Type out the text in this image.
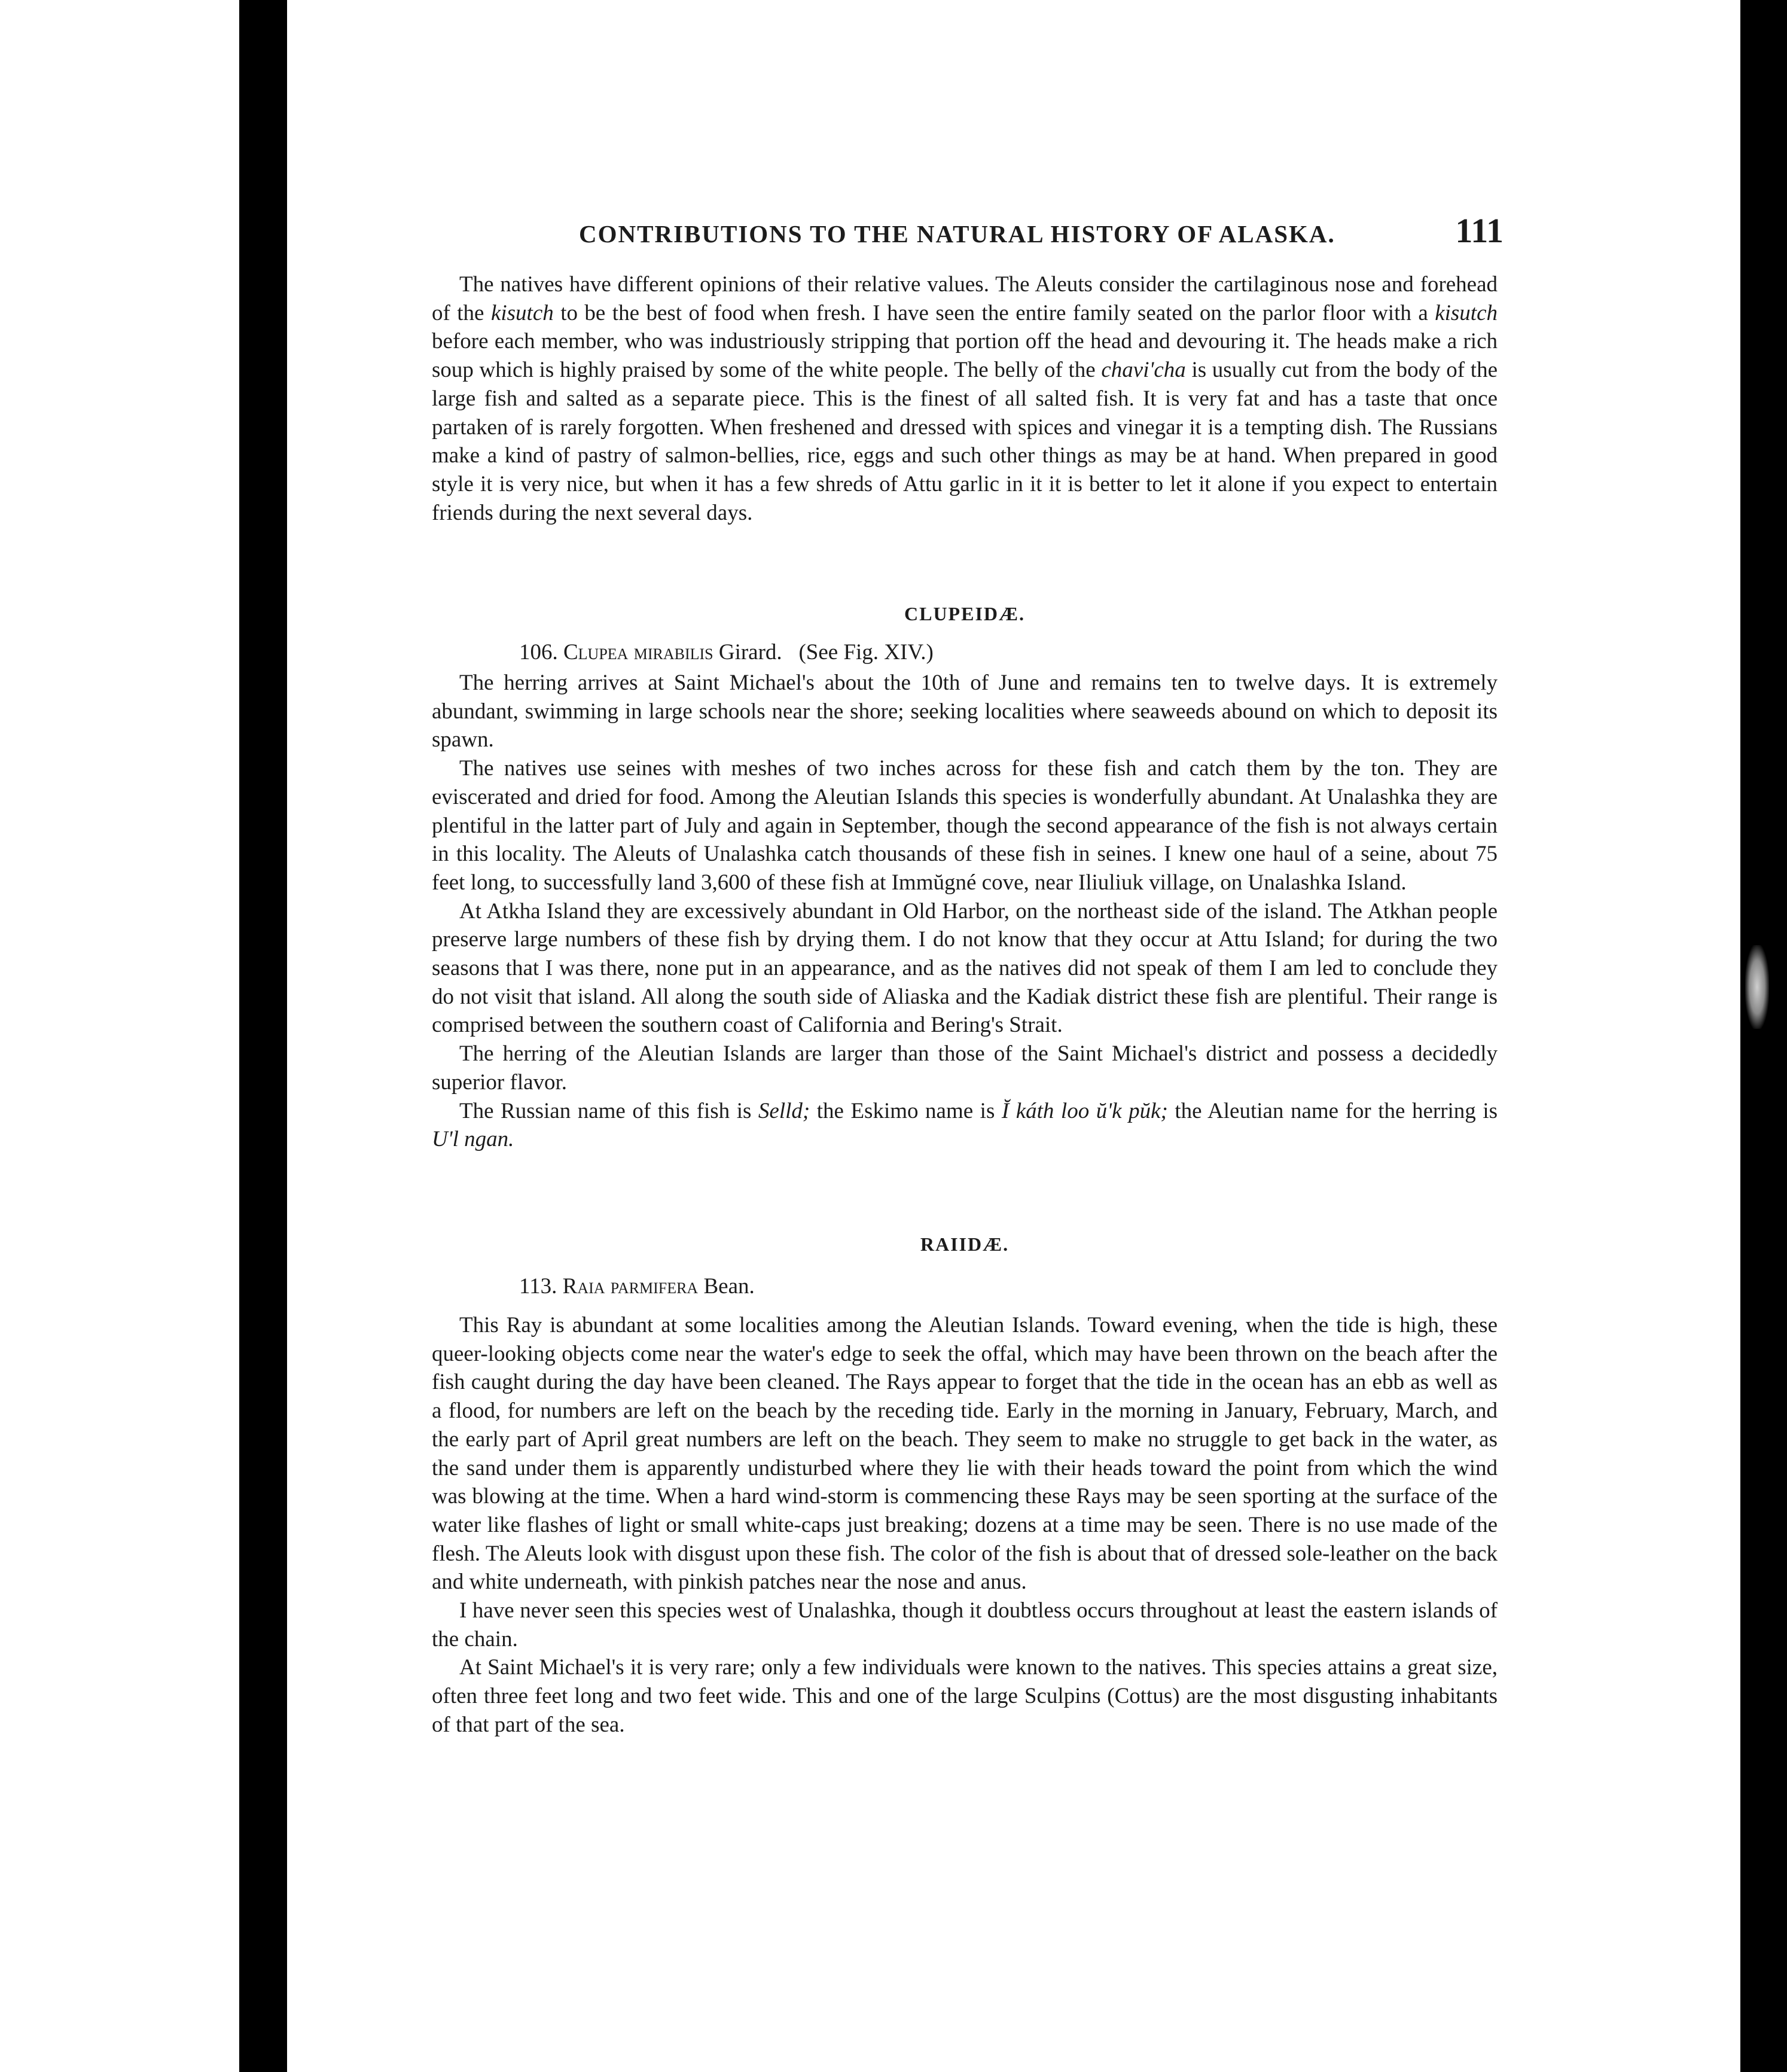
CONTRIBUTIONS TO THE NATURAL HISTORY OF ALASKA.	111

The natives have different opinions of their relative values. The Aleuts consider the cartilaginous nose and forehead of the kisutch to be the best of food when fresh. I have seen the entire family seated on the parlor floor with a kisutch before each member, who was industriously stripping that portion off the head and devouring it. The heads make a rich soup which is highly praised by some of the white people. The belly of the chavi'cha is usually cut from the body of the large fish and salted as a separate piece. This is the finest of all salted fish. It is very fat and has a taste that once partaken of is rarely forgotten. When freshened and dressed with spices and vinegar it is a tempting dish. The Russians make a kind of pastry of salmon-bellies, rice, eggs and such other things as may be at hand. When prepared in good style it is very nice, but when it has a few shreds of Attu garlic in it it is better to let it alone if you expect to entertain friends during the next several days.

CLUPEIDÆ.

106. Clupea mirabilis Girard. (See Fig. XIV.)

The herring arrives at Saint Michael's about the 10th of June and remains ten to twelve days. It is extremely abundant, swimming in large schools near the shore; seeking localities where seaweeds abound on which to deposit its spawn.

The natives use seines with meshes of two inches across for these fish and catch them by the ton. They are eviscerated and dried for food. Among the Aleutian Islands this species is wonderfully abundant. At Unalashka they are plentiful in the latter part of July and again in September, though the second appearance of the fish is not always certain in this locality. The Aleuts of Unalashka catch thousands of these fish in seines. I knew one haul of a seine, about 75 feet long, to successfully land 3,600 of these fish at Immŭgné cove, near Iliuliuk village, on Unalashka Island.

At Atkha Island they are excessively abundant in Old Harbor, on the northeast side of the island. The Atkhan people preserve large numbers of these fish by drying them. I do not know that they occur at Attu Island; for during the two seasons that I was there, none put in an appearance, and as the natives did not speak of them I am led to conclude they do not visit that island. All along the south side of Aliaska and the Kadiak district these fish are plentiful. Their range is comprised between the southern coast of California and Bering's Strait.

The herring of the Aleutian Islands are larger than those of the Saint Michael's district and possess a decidedly superior flavor.

The Russian name of this fish is Selld; the Eskimo name is Ĭ káth loo ŭ'k pŭk; the Aleutian name for the herring is U'l ngan.

RAIIDÆ.

113. Raia parmifera Bean.

This Ray is abundant at some localities among the Aleutian Islands. Toward evening, when the tide is high, these queer-looking objects come near the water's edge to seek the offal, which may have been thrown on the beach after the fish caught during the day have been cleaned. The Rays appear to forget that the tide in the ocean has an ebb as well as a flood, for numbers are left on the beach by the receding tide. Early in the morning in January, February, March, and the early part of April great numbers are left on the beach. They seem to make no struggle to get back in the water, as the sand under them is apparently undisturbed where they lie with their heads toward the point from which the wind was blowing at the time. When a hard wind-storm is commencing these Rays may be seen sporting at the surface of the water like flashes of light or small white-caps just breaking; dozens at a time may be seen. There is no use made of the flesh. The Aleuts look with disgust upon these fish. The color of the fish is about that of dressed sole-leather on the back and white underneath, with pinkish patches near the nose and anus.

I have never seen this species west of Unalashka, though it doubtless occurs throughout at least the eastern islands of the chain.

At Saint Michael's it is very rare; only a few individuals were known to the natives. This species attains a great size, often three feet long and two feet wide. This and one of the large Sculpins (Cottus) are the most disgusting inhabitants of that part of the sea.
